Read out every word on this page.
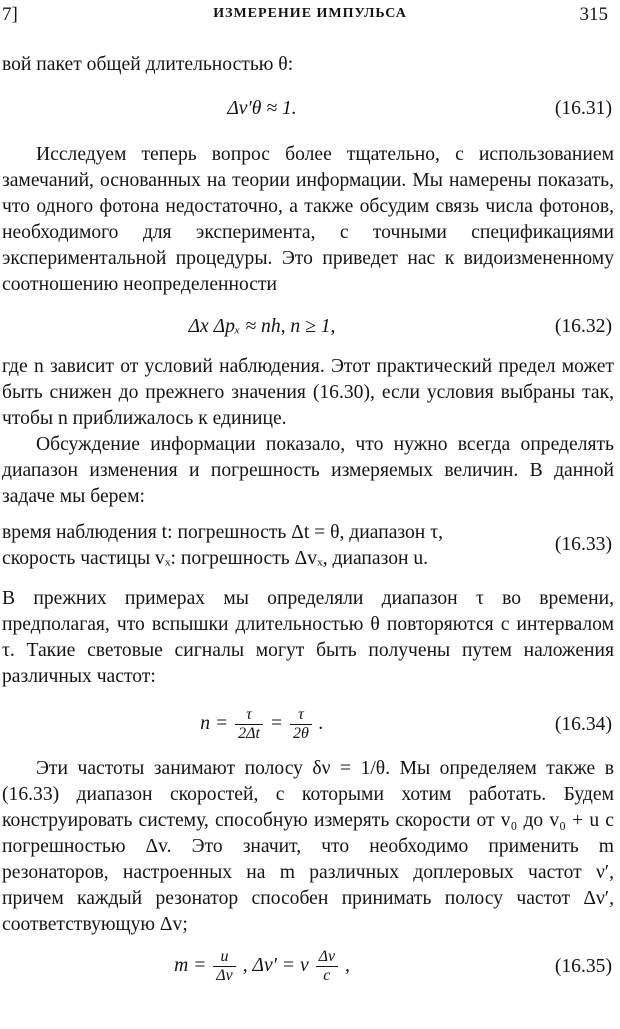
7]	ИЗМЕРЕНИЕ ИМПУЛЬСА	315

вой пакет общей длительностью θ:

Δν′θ ≈ 1.	(16.31)

Исследуем теперь вопрос более тщательно, с использованием замечаний, основанных на теории информации. Мы намерены показать, что одного фотона недостаточно, а также обсудим связь числа фотонов, необходимого для эксперимента, с точными спецификациями экспериментальной процедуры. Это приведет нас к видоизмененному соотношению неопределенности

Δx Δpₓ ≈ nh, n ≥ 1,	(16.32)

где n зависит от условий наблюдения. Этот практический предел может быть снижен до прежнего значения (16.30), если условия выбраны так, чтобы n приближалось к единице.

Обсуждение информации показало, что нужно всегда определять диапазон изменения и погрешность измеряемых величин. В данной задаче мы берем:

время наблюдения t: погрешность Δt = θ, диапазон τ,
скорость частицы vₓ: погрешность Δvₓ, диапазон u.
(16.33)

В прежних примерах мы определяли диапазон τ во времени, предполагая, что вспышки длительностью θ повторяются с интервалом τ. Такие световые сигналы могут быть получены путем наложения различных частот:

$n = \frac{\tau}{2\Delta t} = \frac{\tau}{2\theta}$ .	(16.34)

Эти частоты занимают полосу δν = 1/θ. Мы определяем также в (16.33) диапазон скоростей, с которыми хотим работать. Будем конструировать систему, способную измерять скорости от v₀ до v₀ + u с погрешностью Δv. Это значит, что необходимо применить m резонаторов, настроенных на m различных доплеровых частот ν′, причем каждый резонатор способен принимать полосу частот Δν′, соответствующую Δv;

$m = \frac{u}{\Delta v}$ , Δν′ = ν $\frac{\Delta v}{c}$ ,	(16.35)
